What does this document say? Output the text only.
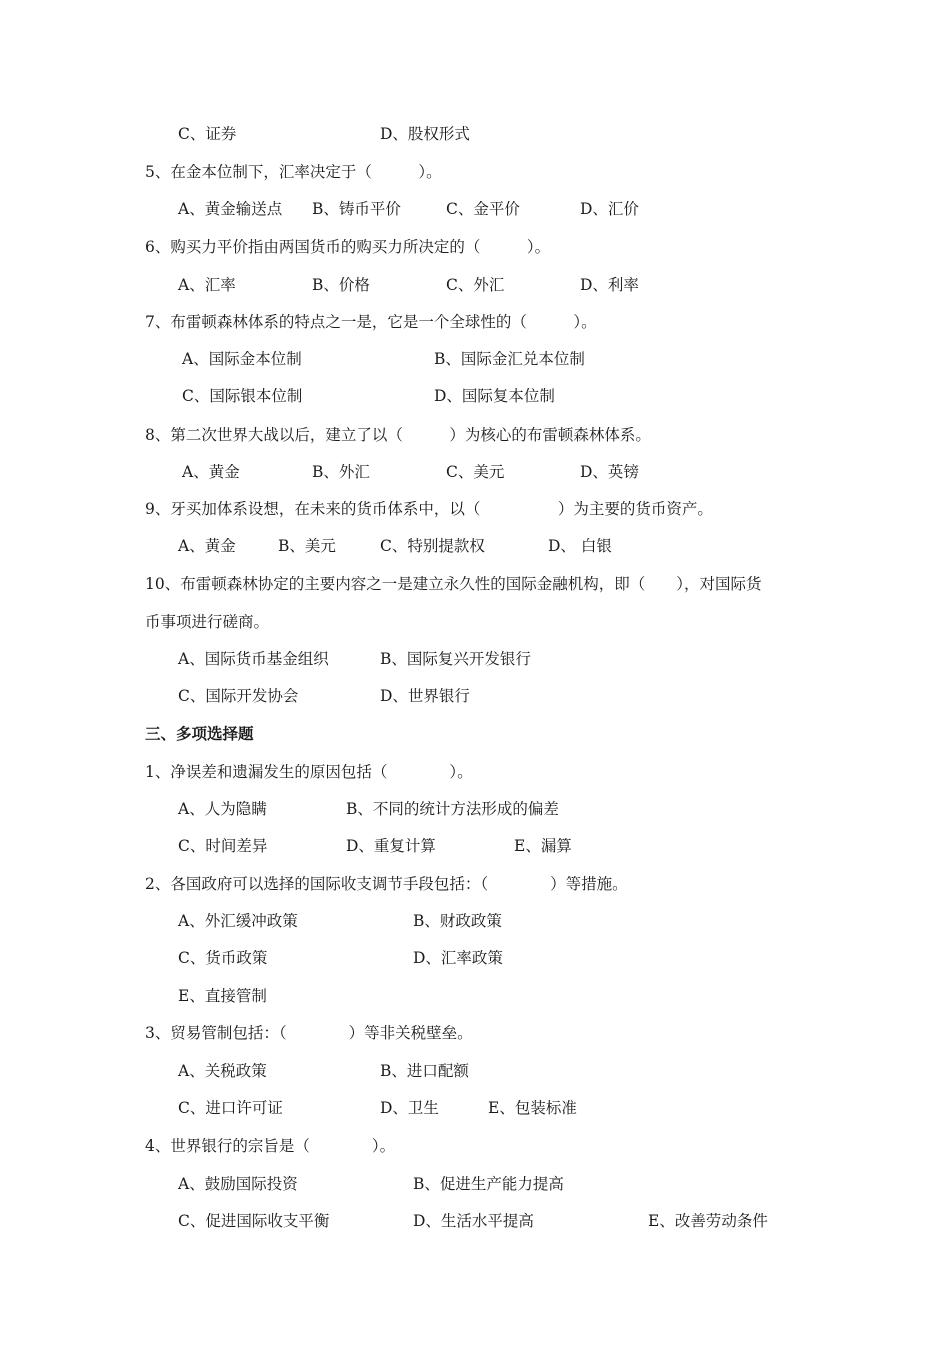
C、证券	D、股权形式
5、在金本位制下，汇率决定于（　　　）。
A、黄金输送点 B、铸币平价	C、金平价	D、汇价
6、购买力平价指由两国货币的购买力所决定的（　　　）。
A、汇率	B、价格	C、外汇	D、利率
7、布雷顿森林体系的特点之一是，它是一个全球性的（　　　）。
A、国际金本位制	B、国际金汇兑本位制
C、国际银本位制	D、国际复本位制
8、第二次世界大战以后，建立了以（　　　）为核心的布雷顿森林体系。
A、黄金	B、外汇	C、美元	D、英镑
9、牙买加体系设想，在未来的货币体系中，以（　　　　　）为主要的货币资产。
A、黄金	B、美元	C、特别提款权	D、 白银
10、布雷顿森林协定的主要内容之一是建立永久性的国际金融机构，即（　　），对国际货
币事项进行磋商。
A、国际货币基金组织	B、国际复兴开发银行
C、国际开发协会	D、世界银行
三、多项选择题
1、净误差和遗漏发生的原因包括（　　　　）。
A、人为隐瞒	B、不同的统计方法形成的偏差
C、时间差异	D、重复计算	E、漏算
2、各国政府可以选择的国际收支调节手段包括：（　　　　）等措施。
A、外汇缓冲政策	B、财政政策
C、货币政策	D、汇率政策
E、直接管制
3、贸易管制包括：（　　　　）等非关税壁垒。
A、关税政策	B、进口配额
C、进口许可证	D、卫生	E、包装标准
4、世界银行的宗旨是（　　　　）。
A、鼓励国际投资	B、促进生产能力提高
C、促进国际收支平衡	D、生活水平提高	E、改善劳动条件
